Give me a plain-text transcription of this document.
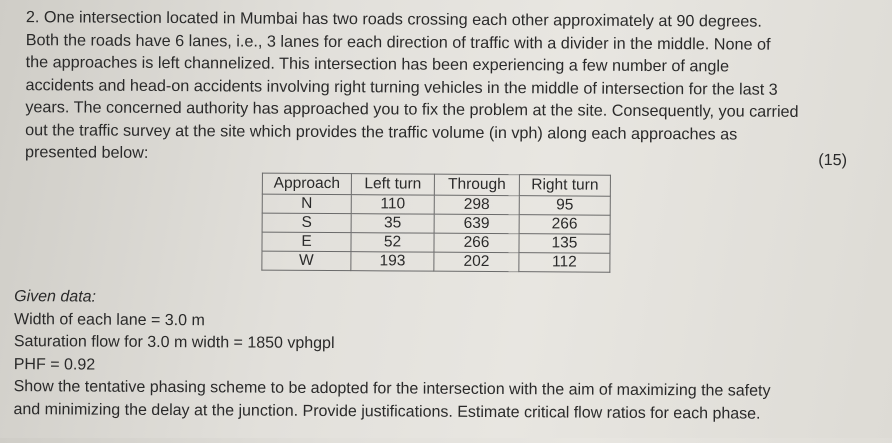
2. One intersection located in Mumbai has two roads crossing each other approximately at 90 degrees.
Both the roads have 6 lanes, i.e., 3 lanes for each direction of traffic with a divider in the middle. None of
the approaches is left channelized. This intersection has been experiencing a few number of angle
accidents and head-on accidents involving right turning vehicles in the middle of intersection for the last 3
years. The concerned authority has approached you to fix the problem at the site. Consequently, you carried
out the traffic survey at the site which provides the traffic volume (in vph) along each approaches as
presented below:	(15)
Approach	Left turn	Through	Right turn
N	110	298	95
S	35	639	266
E	52	266	135
W	193	202	112
Given data:
Width of each lane = 3.0 m
Saturation flow for 3.0 m width = 1850 vphgpl
PHF = 0.92
Show the tentative phasing scheme to be adopted for the intersection with the aim of maximizing the safety
and minimizing the delay at the junction. Provide justifications. Estimate critical flow ratios for each phase.
